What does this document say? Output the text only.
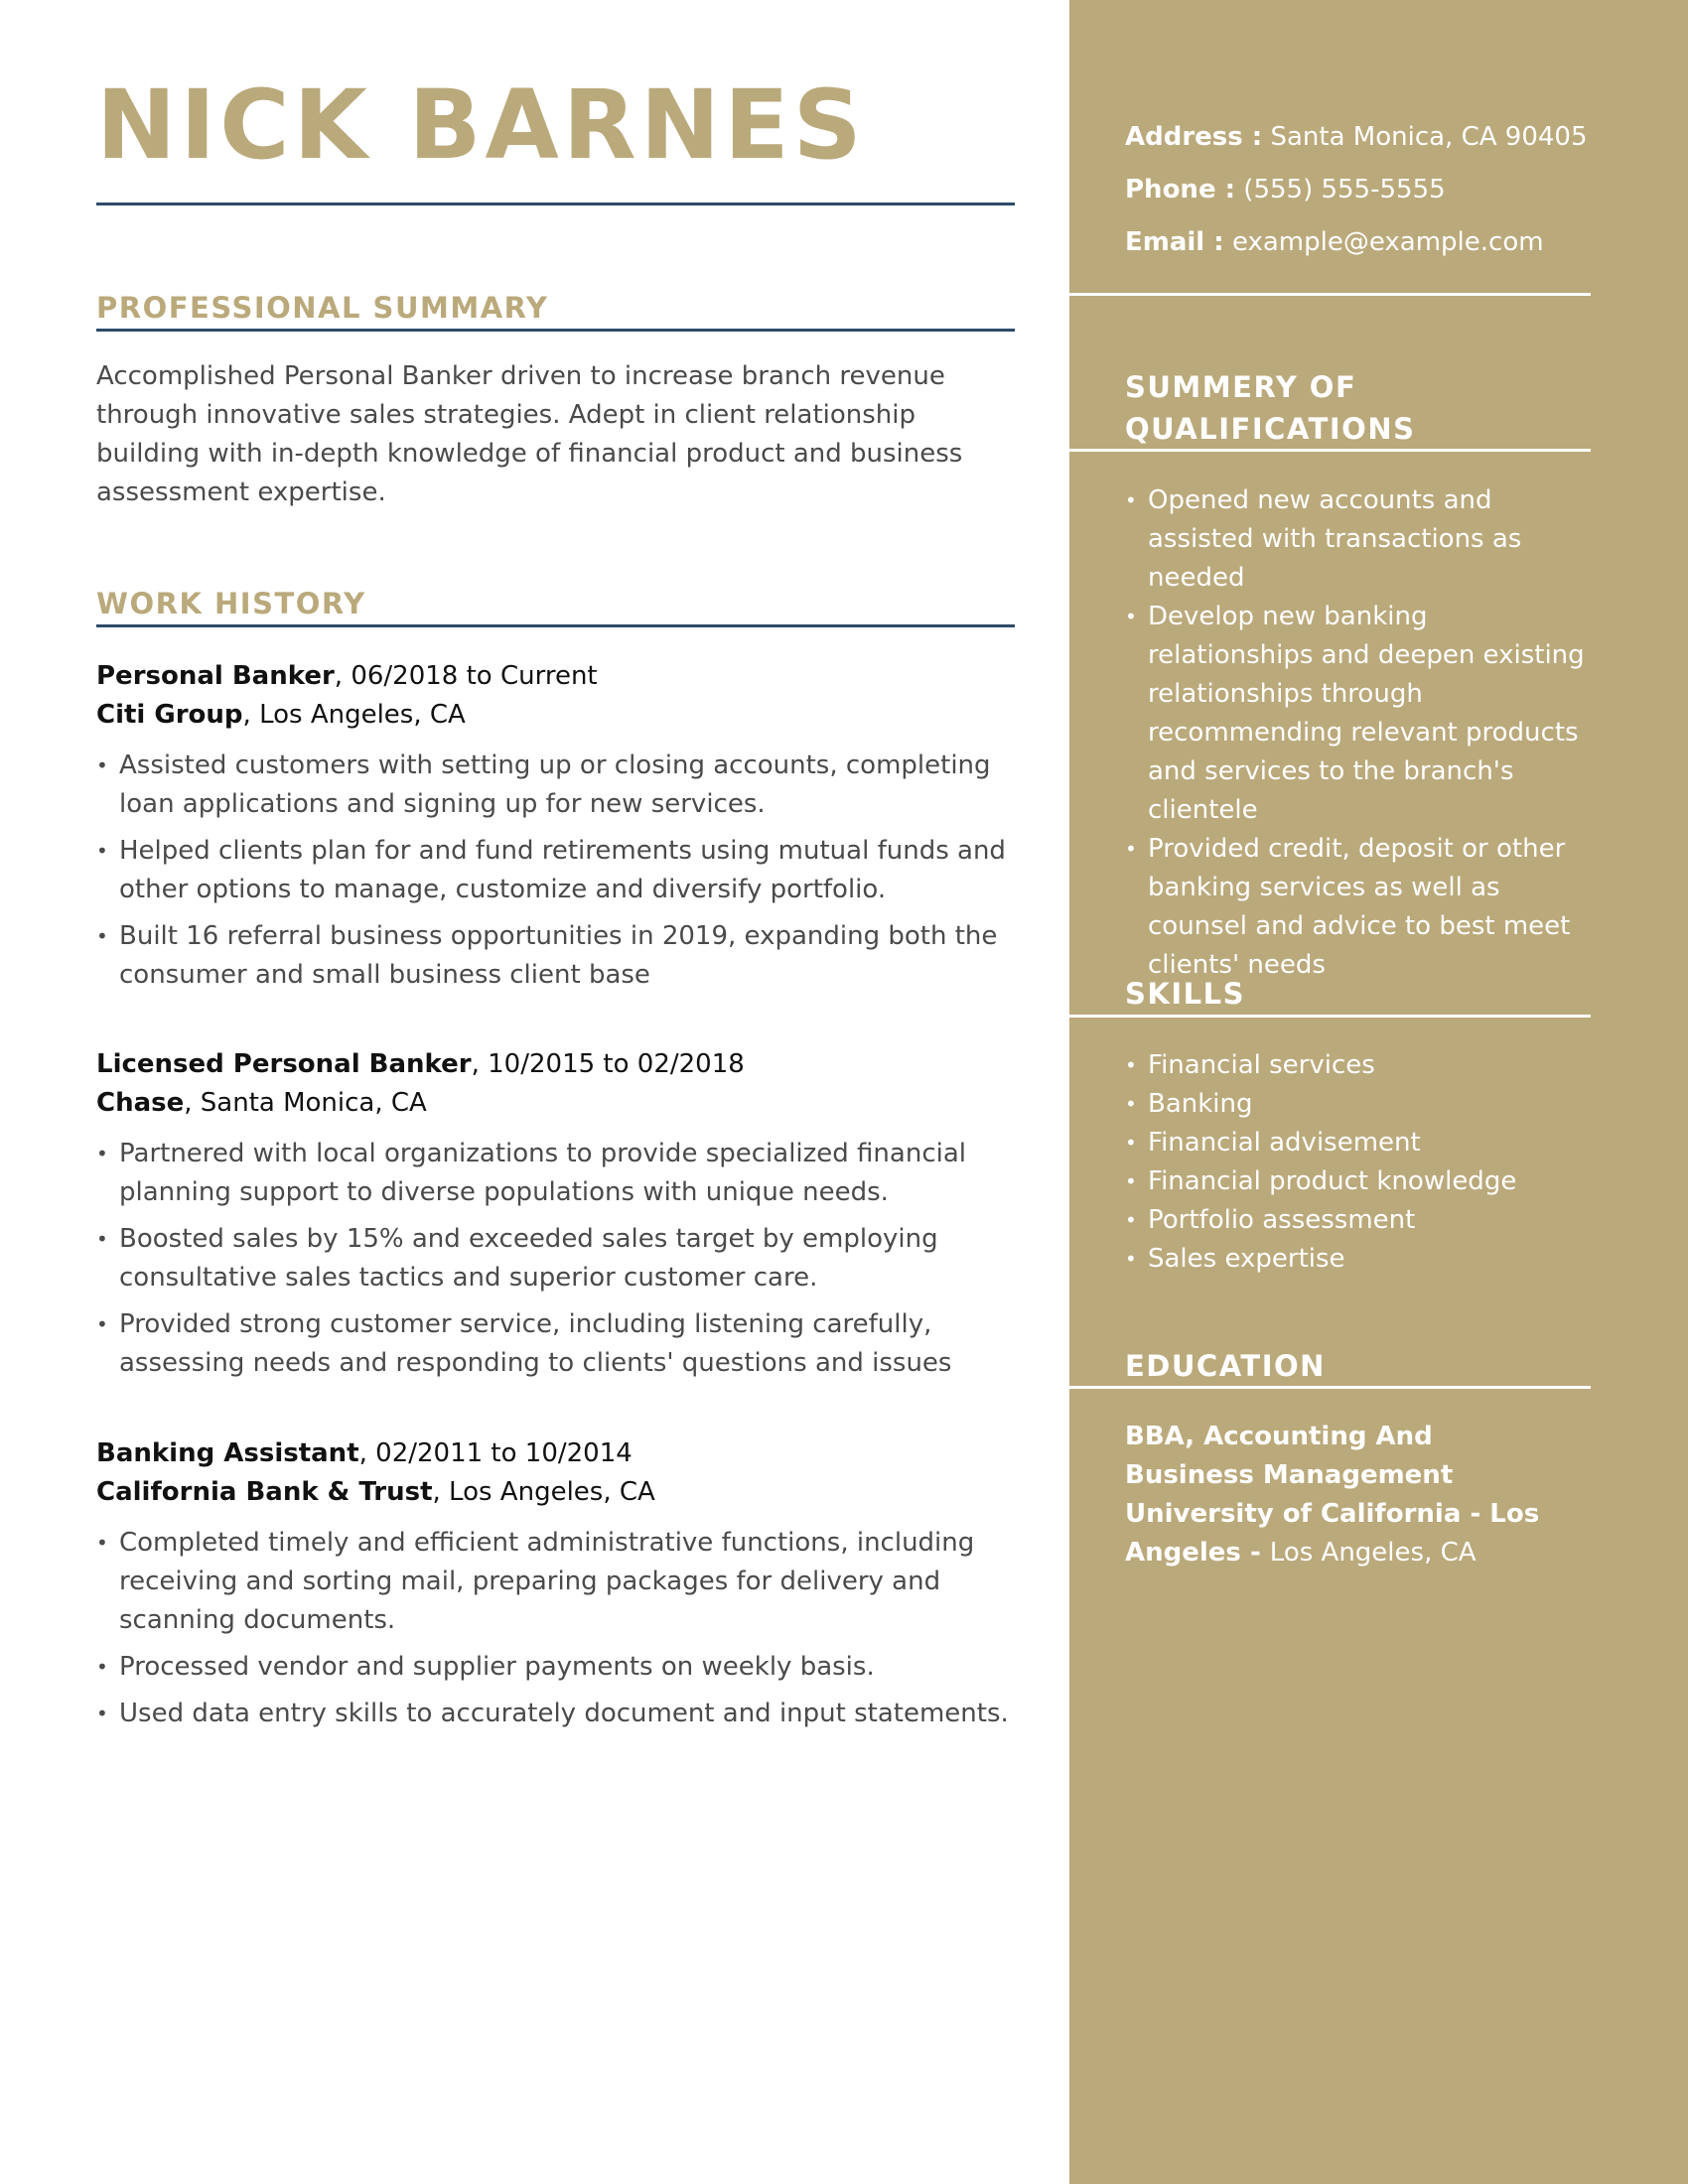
NICK BARNES
PROFESSIONAL SUMMARY
Accomplished Personal Banker driven to increase branch revenue through innovative sales strategies. Adept in client relationship building with in-depth knowledge of financial product and business assessment expertise.
WORK HISTORY
Personal Banker, 06/2018 to Current
Citi Group, Los Angeles, CA
• Assisted customers with setting up or closing accounts, completing loan applications and signing up for new services.
• Helped clients plan for and fund retirements using mutual funds and other options to manage, customize and diversify portfolio.
• Built 16 referral business opportunities in 2019, expanding both the consumer and small business client base
Licensed Personal Banker, 10/2015 to 02/2018
Chase, Santa Monica, CA
• Partnered with local organizations to provide specialized financial planning support to diverse populations with unique needs.
• Boosted sales by 15% and exceeded sales target by employing consultative sales tactics and superior customer care.
• Provided strong customer service, including listening carefully, assessing needs and responding to clients' questions and issues
Banking Assistant, 02/2011 to 10/2014
California Bank & Trust, Los Angeles, CA
• Completed timely and efficient administrative functions, including receiving and sorting mail, preparing packages for delivery and scanning documents.
• Processed vendor and supplier payments on weekly basis.
• Used data entry skills to accurately document and input statements.
Address : Santa Monica, CA 90405
Phone : (555) 555-5555
Email : example@example.com
SUMMERY OF
QUALIFICATIONS
• Opened new accounts and assisted with transactions as needed
• Develop new banking relationships and deepen existing relationships through recommending relevant products and services to the branch's clientele
• Provided credit, deposit or other banking services as well as counsel and advice to best meet clients' needs
SKILLS
• Financial services
• Banking
• Financial advisement
• Financial product knowledge
• Portfolio assessment
• Sales expertise
EDUCATION
BBA, Accounting And Business Management
University of California - Los Angeles - Los Angeles, CA
